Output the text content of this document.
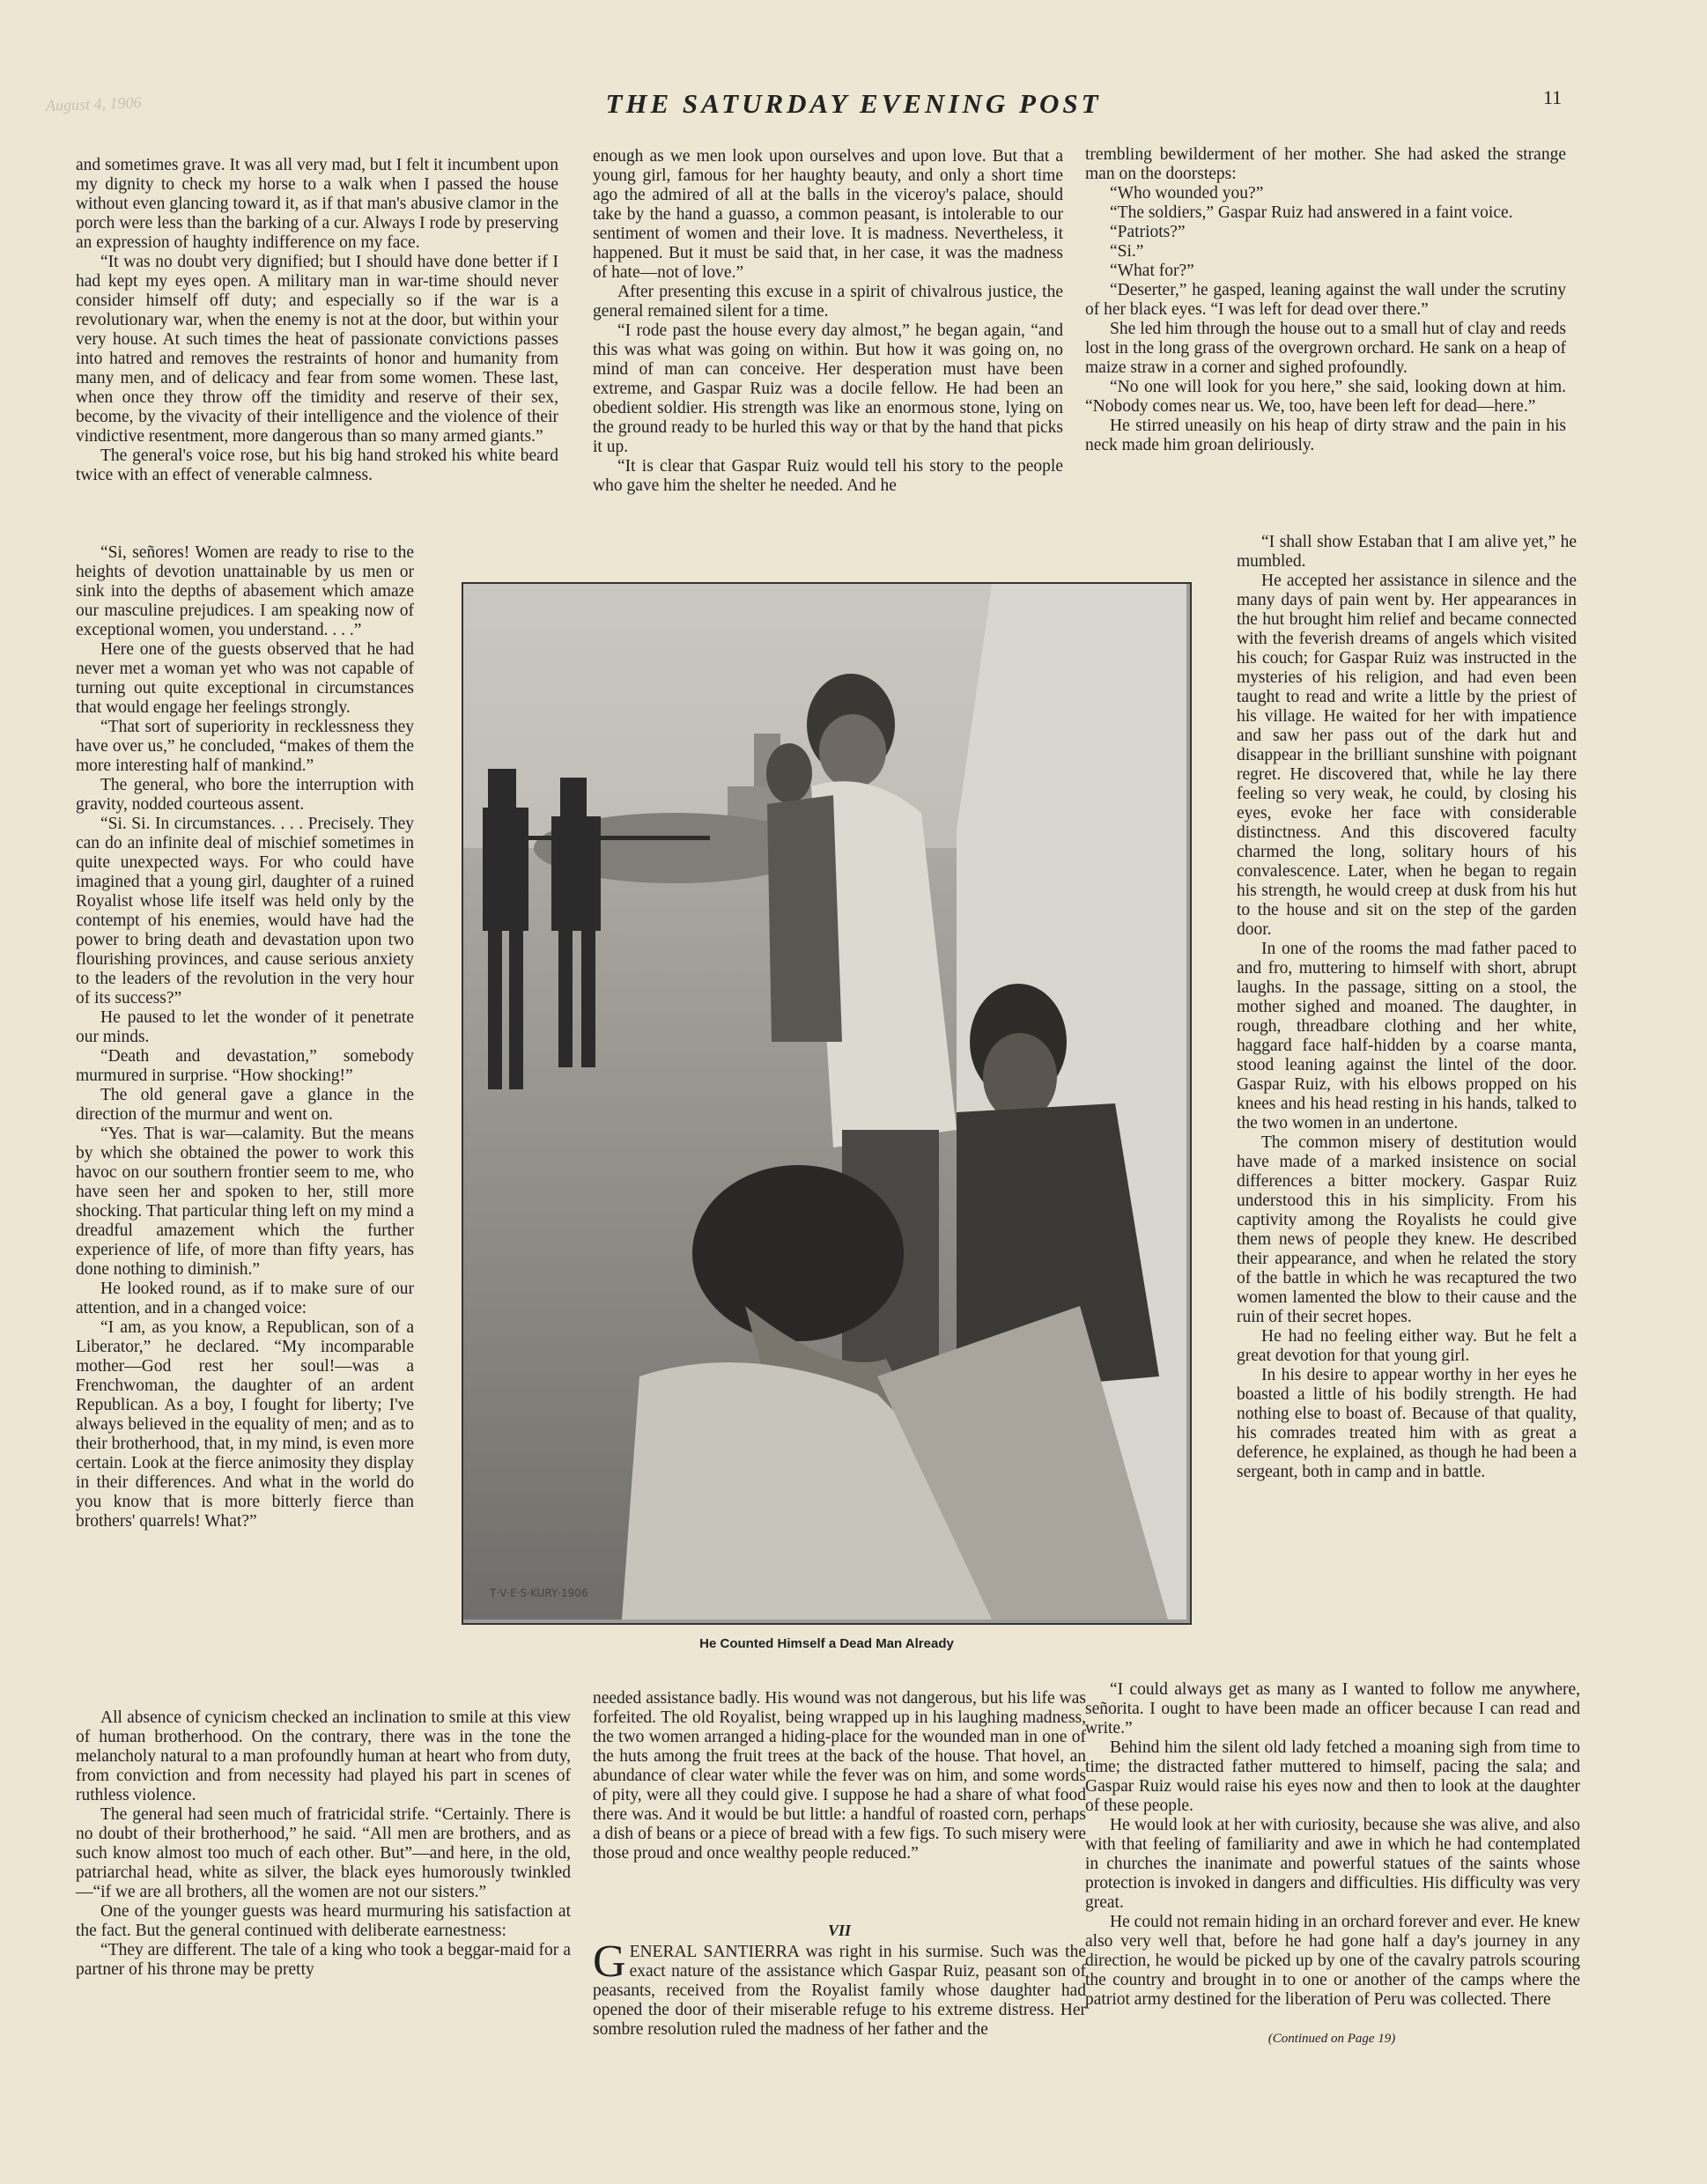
August 4, 1906	THE SATURDAY EVENING POST	11

and sometimes grave. It was all very mad, but I felt it incumbent upon my dignity to check my horse to a walk when I passed the house without even glancing toward it, as if that man's abusive clamor in the porch were less than the barking of a cur. Always I rode by preserving an expression of haughty indifference on my face.

“It was no doubt very dignified; but I should have done better if I had kept my eyes open. A military man in war-time should never consider himself off duty; and especially so if the war is a revolutionary war, when the enemy is not at the door, but within your very house. At such times the heat of passionate convictions passes into hatred and removes the restraints of honor and humanity from many men, and of delicacy and fear from some women. These last, when once they throw off the timidity and reserve of their sex, become, by the vivacity of their intelligence and the violence of their vindictive resentment, more dangerous than so many armed giants.”

The general's voice rose, but his big hand stroked his white beard twice with an effect of venerable calmness.

“Si, señores! Women are ready to rise to the heights of devotion unattainable by us men or sink into the depths of abasement which amaze our masculine prejudices. I am speaking now of exceptional women, you understand. . . .”

Here one of the guests observed that he had never met a woman yet who was not capable of turning out quite exceptional in circumstances that would engage her feelings strongly.

“That sort of superiority in recklessness they have over us,” he concluded, “makes of them the more interesting half of mankind.”

The general, who bore the interruption with gravity, nodded courteous assent.

“Si. Si. In circumstances. . . . Precisely. They can do an infinite deal of mischief sometimes in quite unexpected ways. For who could have imagined that a young girl, daughter of a ruined Royalist whose life itself was held only by the contempt of his enemies, would have had the power to bring death and devastation upon two flourishing provinces, and cause serious anxiety to the leaders of the revolution in the very hour of its success?”

He paused to let the wonder of it penetrate our minds.

“Death and devastation,” somebody murmured in surprise. “How shocking!”

The old general gave a glance in the direction of the murmur and went on.

“Yes. That is war—calamity. But the means by which she obtained the power to work this havoc on our southern frontier seem to me, who have seen her and spoken to her, still more shocking. That particular thing left on my mind a dreadful amazement which the further experience of life, of more than fifty years, has done nothing to diminish.”

He looked round, as if to make sure of our attention, and in a changed voice:

“I am, as you know, a Republican, son of a Liberator,” he declared. “My incomparable mother—God rest her soul!—was a Frenchwoman, the daughter of an ardent Republican. As a boy, I fought for liberty; I've always believed in the equality of men; and as to their brotherhood, that, in my mind, is even more certain. Look at the fierce animosity they display in their differences. And what in the world do you know that is more bitterly fierce than brothers' quarrels! What?”

All absence of cynicism checked an inclination to smile at this view of human brotherhood. On the contrary, there was in the tone the melancholy natural to a man profoundly human at heart who from duty, from conviction and from necessity had played his part in scenes of ruthless violence.

The general had seen much of fratricidal strife. “Certainly. There is no doubt of their brotherhood,” he said. “All men are brothers, and as such know almost too much of each other. But”—and here, in the old, patriarchal head, white as silver, the black eyes humorously twinkled—“if we are all brothers, all the women are not our sisters.”

One of the younger guests was heard murmuring his satisfaction at the fact. But the general continued with deliberate earnestness:

“They are different. The tale of a king who took a beggar-maid for a partner of his throne may be pretty

enough as we men look upon ourselves and upon love. But that a young girl, famous for her haughty beauty, and only a short time ago the admired of all at the balls in the viceroy's palace, should take by the hand a guasso, a common peasant, is intolerable to our sentiment of women and their love. It is madness. Nevertheless, it happened. But it must be said that, in her case, it was the madness of hate—not of love.”

After presenting this excuse in a spirit of chivalrous justice, the general remained silent for a time.

“I rode past the house every day almost,” he began again, “and this was what was going on within. But how it was going on, no mind of man can conceive. Her desperation must have been extreme, and Gaspar Ruiz was a docile fellow. He had been an obedient soldier. His strength was like an enormous stone, lying on the ground ready to be hurled this way or that by the hand that picks it up.

“It is clear that Gaspar Ruiz would tell his story to the people who gave him the shelter he needed. And he

T·V·E·S·KURY·1906
He Counted Himself a Dead Man Already

needed assistance badly. His wound was not dangerous, but his life was forfeited. The old Royalist, being wrapped up in his laughing madness, the two women arranged a hiding-place for the wounded man in one of the huts among the fruit trees at the back of the house. That hovel, an abundance of clear water while the fever was on him, and some words of pity, were all they could give. I suppose he had a share of what food there was. And it would be but little: a handful of roasted corn, perhaps a dish of beans or a piece of bread with a few figs. To such misery were those proud and once wealthy people reduced.”

VII

GENERAL SANTIERRA was right in his surmise. Such was the exact nature of the assistance which Gaspar Ruiz, peasant son of peasants, received from the Royalist family whose daughter had opened the door of their miserable refuge to his extreme distress. Her sombre resolution ruled the madness of her father and the

trembling bewilderment of her mother. She had asked the strange man on the doorsteps:

“Who wounded you?”

“The soldiers,” Gaspar Ruiz had answered in a faint voice.

“Patriots?”

“Si.”

“What for?”

“Deserter,” he gasped, leaning against the wall under the scrutiny of her black eyes. “I was left for dead over there.”

She led him through the house out to a small hut of clay and reeds lost in the long grass of the overgrown orchard. He sank on a heap of maize straw in a corner and sighed profoundly.

“No one will look for you here,” she said, looking down at him. “Nobody comes near us. We, too, have been left for dead—here.”

He stirred uneasily on his heap of dirty straw and the pain in his neck made him groan deliriously.

“I shall show Estaban that I am alive yet,” he mumbled.

He accepted her assistance in silence and the many days of pain went by. Her appearances in the hut brought him relief and became connected with the feverish dreams of angels which visited his couch; for Gaspar Ruiz was instructed in the mysteries of his religion, and had even been taught to read and write a little by the priest of his village. He waited for her with impatience and saw her pass out of the dark hut and disappear in the brilliant sunshine with poignant regret. He discovered that, while he lay there feeling so very weak, he could, by closing his eyes, evoke her face with considerable distinctness. And this discovered faculty charmed the long, solitary hours of his convalescence. Later, when he began to regain his strength, he would creep at dusk from his hut to the house and sit on the step of the garden door.

In one of the rooms the mad father paced to and fro, muttering to himself with short, abrupt laughs. In the passage, sitting on a stool, the mother sighed and moaned. The daughter, in rough, threadbare clothing and her white, haggard face half-hidden by a coarse manta, stood leaning against the lintel of the door. Gaspar Ruiz, with his elbows propped on his knees and his head resting in his hands, talked to the two women in an undertone.

The common misery of destitution would have made of a marked insistence on social differences a bitter mockery. Gaspar Ruiz understood this in his simplicity. From his captivity among the Royalists he could give them news of people they knew. He described their appearance, and when he related the story of the battle in which he was recaptured the two women lamented the blow to their cause and the ruin of their secret hopes.

He had no feeling either way. But he felt a great devotion for that young girl.

In his desire to appear worthy in her eyes he boasted a little of his bodily strength. He had nothing else to boast of. Because of that quality, his comrades treated him with as great a deference, he explained, as though he had been a sergeant, both in camp and in battle.

“I could always get as many as I wanted to follow me anywhere, señorita. I ought to have been made an officer because I can read and write.”

Behind him the silent old lady fetched a moaning sigh from time to time; the distracted father muttered to himself, pacing the sala; and Gaspar Ruiz would raise his eyes now and then to look at the daughter of these people.

He would look at her with curiosity, because she was alive, and also with that feeling of familiarity and awe in which he had contemplated in churches the inanimate and powerful statues of the saints whose protection is invoked in dangers and difficulties. His difficulty was very great.

He could not remain hiding in an orchard forever and ever. He knew also very well that, before he had gone half a day's journey in any direction, he would be picked up by one of the cavalry patrols scouring the country and brought in to one or another of the camps where the patriot army destined for the liberation of Peru was collected. There

(Continued on Page 19)
